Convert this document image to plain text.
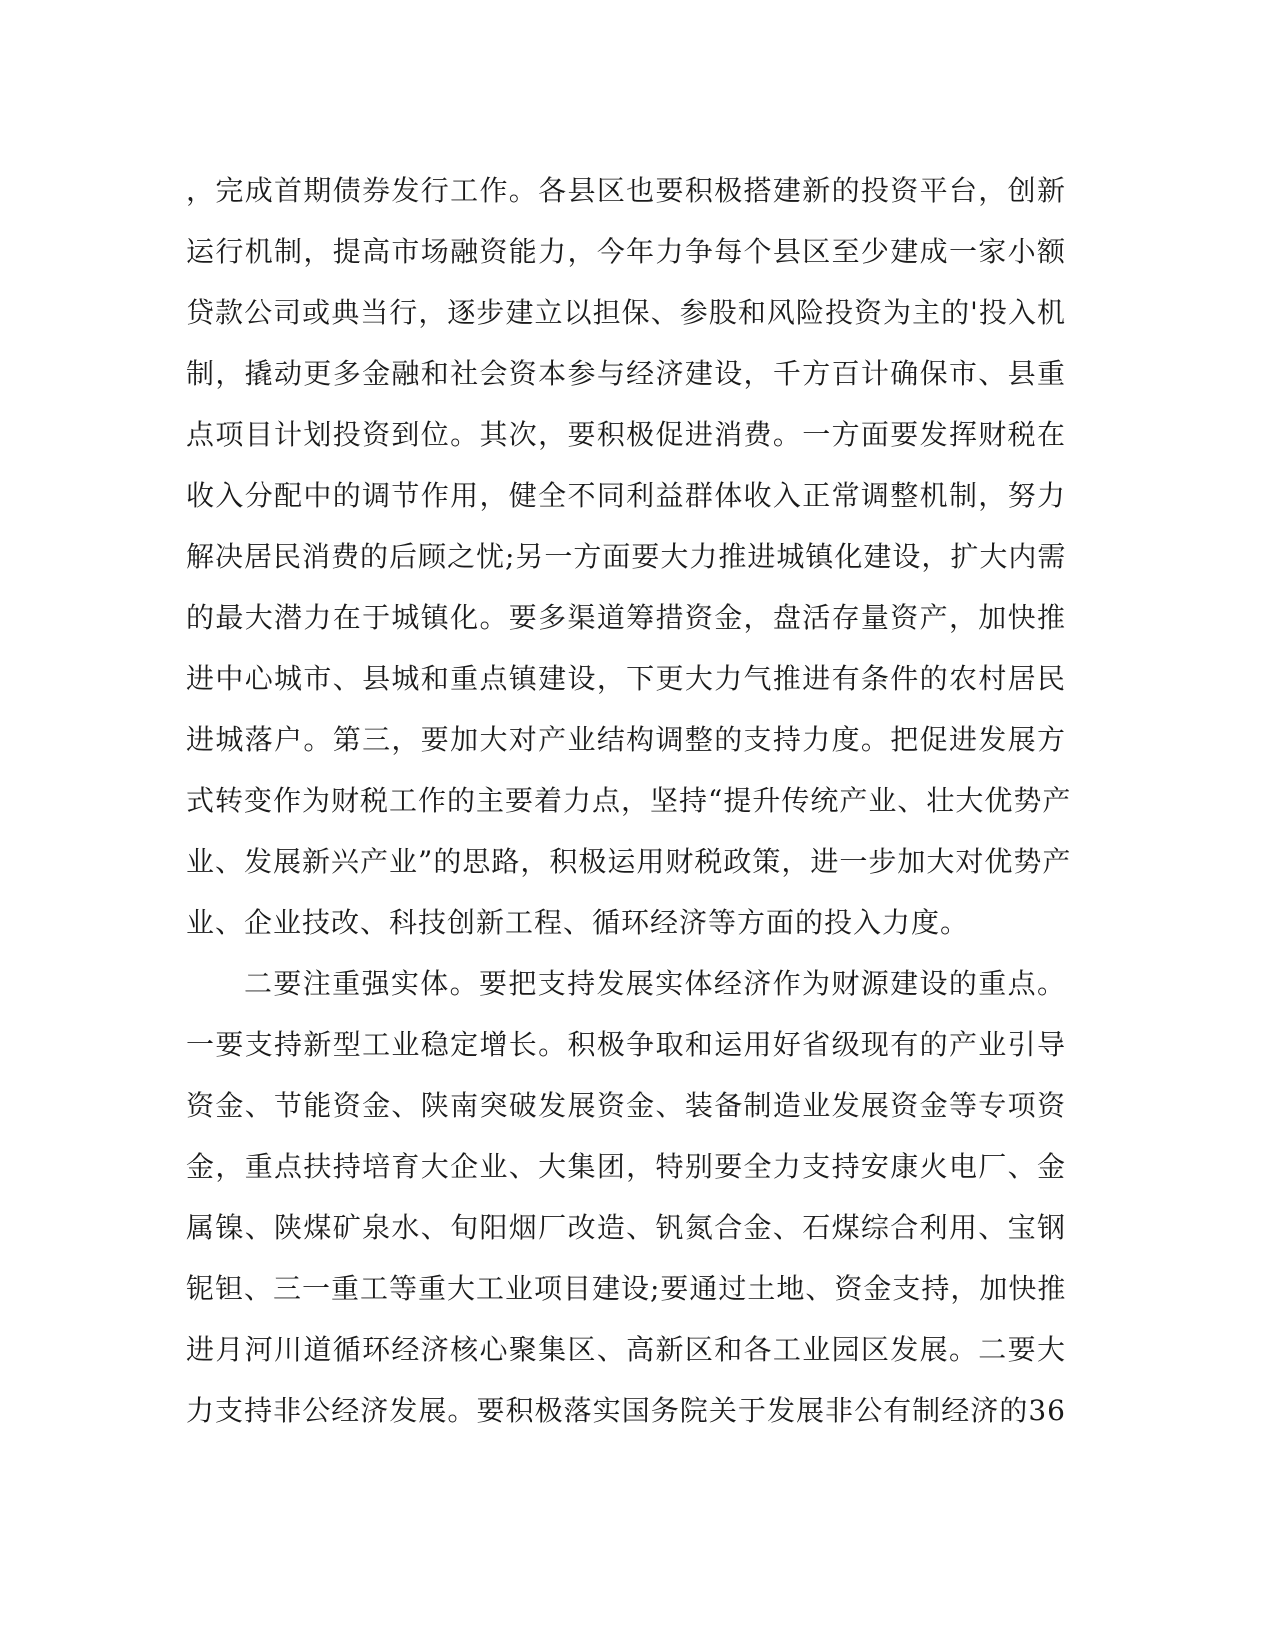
，完成首期债券发行工作。各县区也要积极搭建新的投资平台，创新
运行机制，提高市场融资能力，今年力争每个县区至少建成一家小额
贷款公司或典当行，逐步建立以担保、参股和风险投资为主的'投入机
制，撬动更多金融和社会资本参与经济建设，千方百计确保市、县重
点项目计划投资到位。其次，要积极促进消费。一方面要发挥财税在
收入分配中的调节作用，健全不同利益群体收入正常调整机制，努力
解决居民消费的后顾之忧;另一方面要大力推进城镇化建设，扩大内需
的最大潜力在于城镇化。要多渠道筹措资金，盘活存量资产，加快推
进中心城市、县城和重点镇建设，下更大力气推进有条件的农村居民
进城落户。第三，要加大对产业结构调整的支持力度。把促进发展方
式转变作为财税工作的主要着力点，坚持“提升传统产业、壮大优势产
业、发展新兴产业”的思路，积极运用财税政策，进一步加大对优势产
业、企业技改、科技创新工程、循环经济等方面的投入力度。
二要注重强实体。要把支持发展实体经济作为财源建设的重点。
一要支持新型工业稳定增长。积极争取和运用好省级现有的产业引导
资金、节能资金、陕南突破发展资金、装备制造业发展资金等专项资
金，重点扶持培育大企业、大集团，特别要全力支持安康火电厂、金
属镍、陕煤矿泉水、旬阳烟厂改造、钒氮合金、石煤综合利用、宝钢
铌钽、三一重工等重大工业项目建设;要通过土地、资金支持，加快推
进月河川道循环经济核心聚集区、高新区和各工业园区发展。二要大
力支持非公经济发展。要积极落实国务院关于发展非公有制经济的36
